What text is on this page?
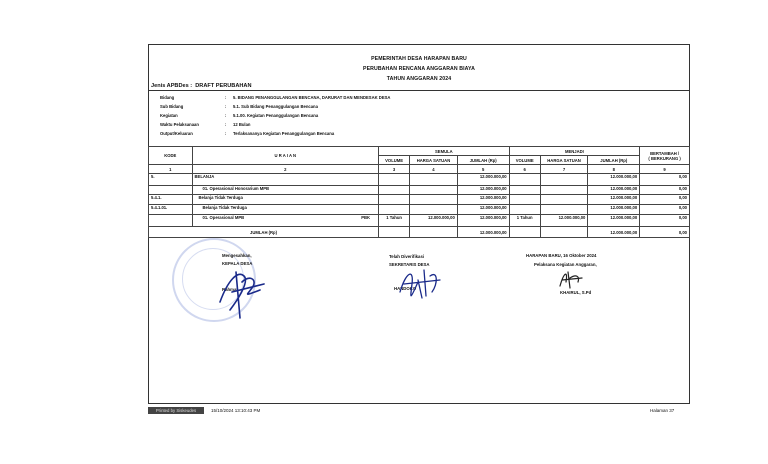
PEMERINTAH DESA HARAPAN BARU
PERUBAHAN RENCANA ANGGARAN BIAYA
TAHUN ANGGARAN 2024
Jenis APBDes : DRAFT PERUBAHAN
Bidang	: 5. BIDANG PENANGGULANGAN BENCANA, DARURAT DAN MENDESAK DESA
Sub Bidang	: 5.1. Sub Bidang Penanggulangan Bencana
Kegiatan	: 5.1.00. Kegiatan Penanggulangan Bencana
Waktu Pelaksanaan	: 12 Bulan
Output/Keluaran	: Terlaksananya Kegiatan Penanggulangan Bencana
KODE	U R A I A N	SEMULA			MENJADI			BERTAMBAH /
( BERKURANG )

		VOLUME	HARGA SATUAN	JUMLAH (Rp)	VOLUME	HARGA SATUAN	JUMLAH (Rp)	
1	2	3	4	5	6	7	8	9
5.	BELANJA			12.000.000,00			12.000.000,00	0,00
	01. Operasional Honorarium MPB			12.000.000,00			12.000.000,00	0,00
5.4.1.	Belanja Tidak Terduga			12.000.000,00			12.000.000,00	0,00
5.4.1.01.	Belanja Tidak Terduga			12.000.000,00			12.000.000,00	0,00
	01. Operasional MPB PBK	1 Tahun	12.000.000,00	12.000.000,00	1 Tahun	12.000.000,00	12.000.000,00	0,00
JUMLAH (Rp)				12.000.000,00			12.000.000,00	0,00
Mengesahkan,
KEPALA DESA
Rahmat
Telah Diverifikasi
SEKRETARIS DESA
HANDOKO
HARAPAN BARU, 16 Oktober 2024
Pelaksana Kegiatan Anggaran,
KHAIRUL, S.Pd
Printed by Siskeudes	15/10/2024 13:10:43 PM	Halaman 37
